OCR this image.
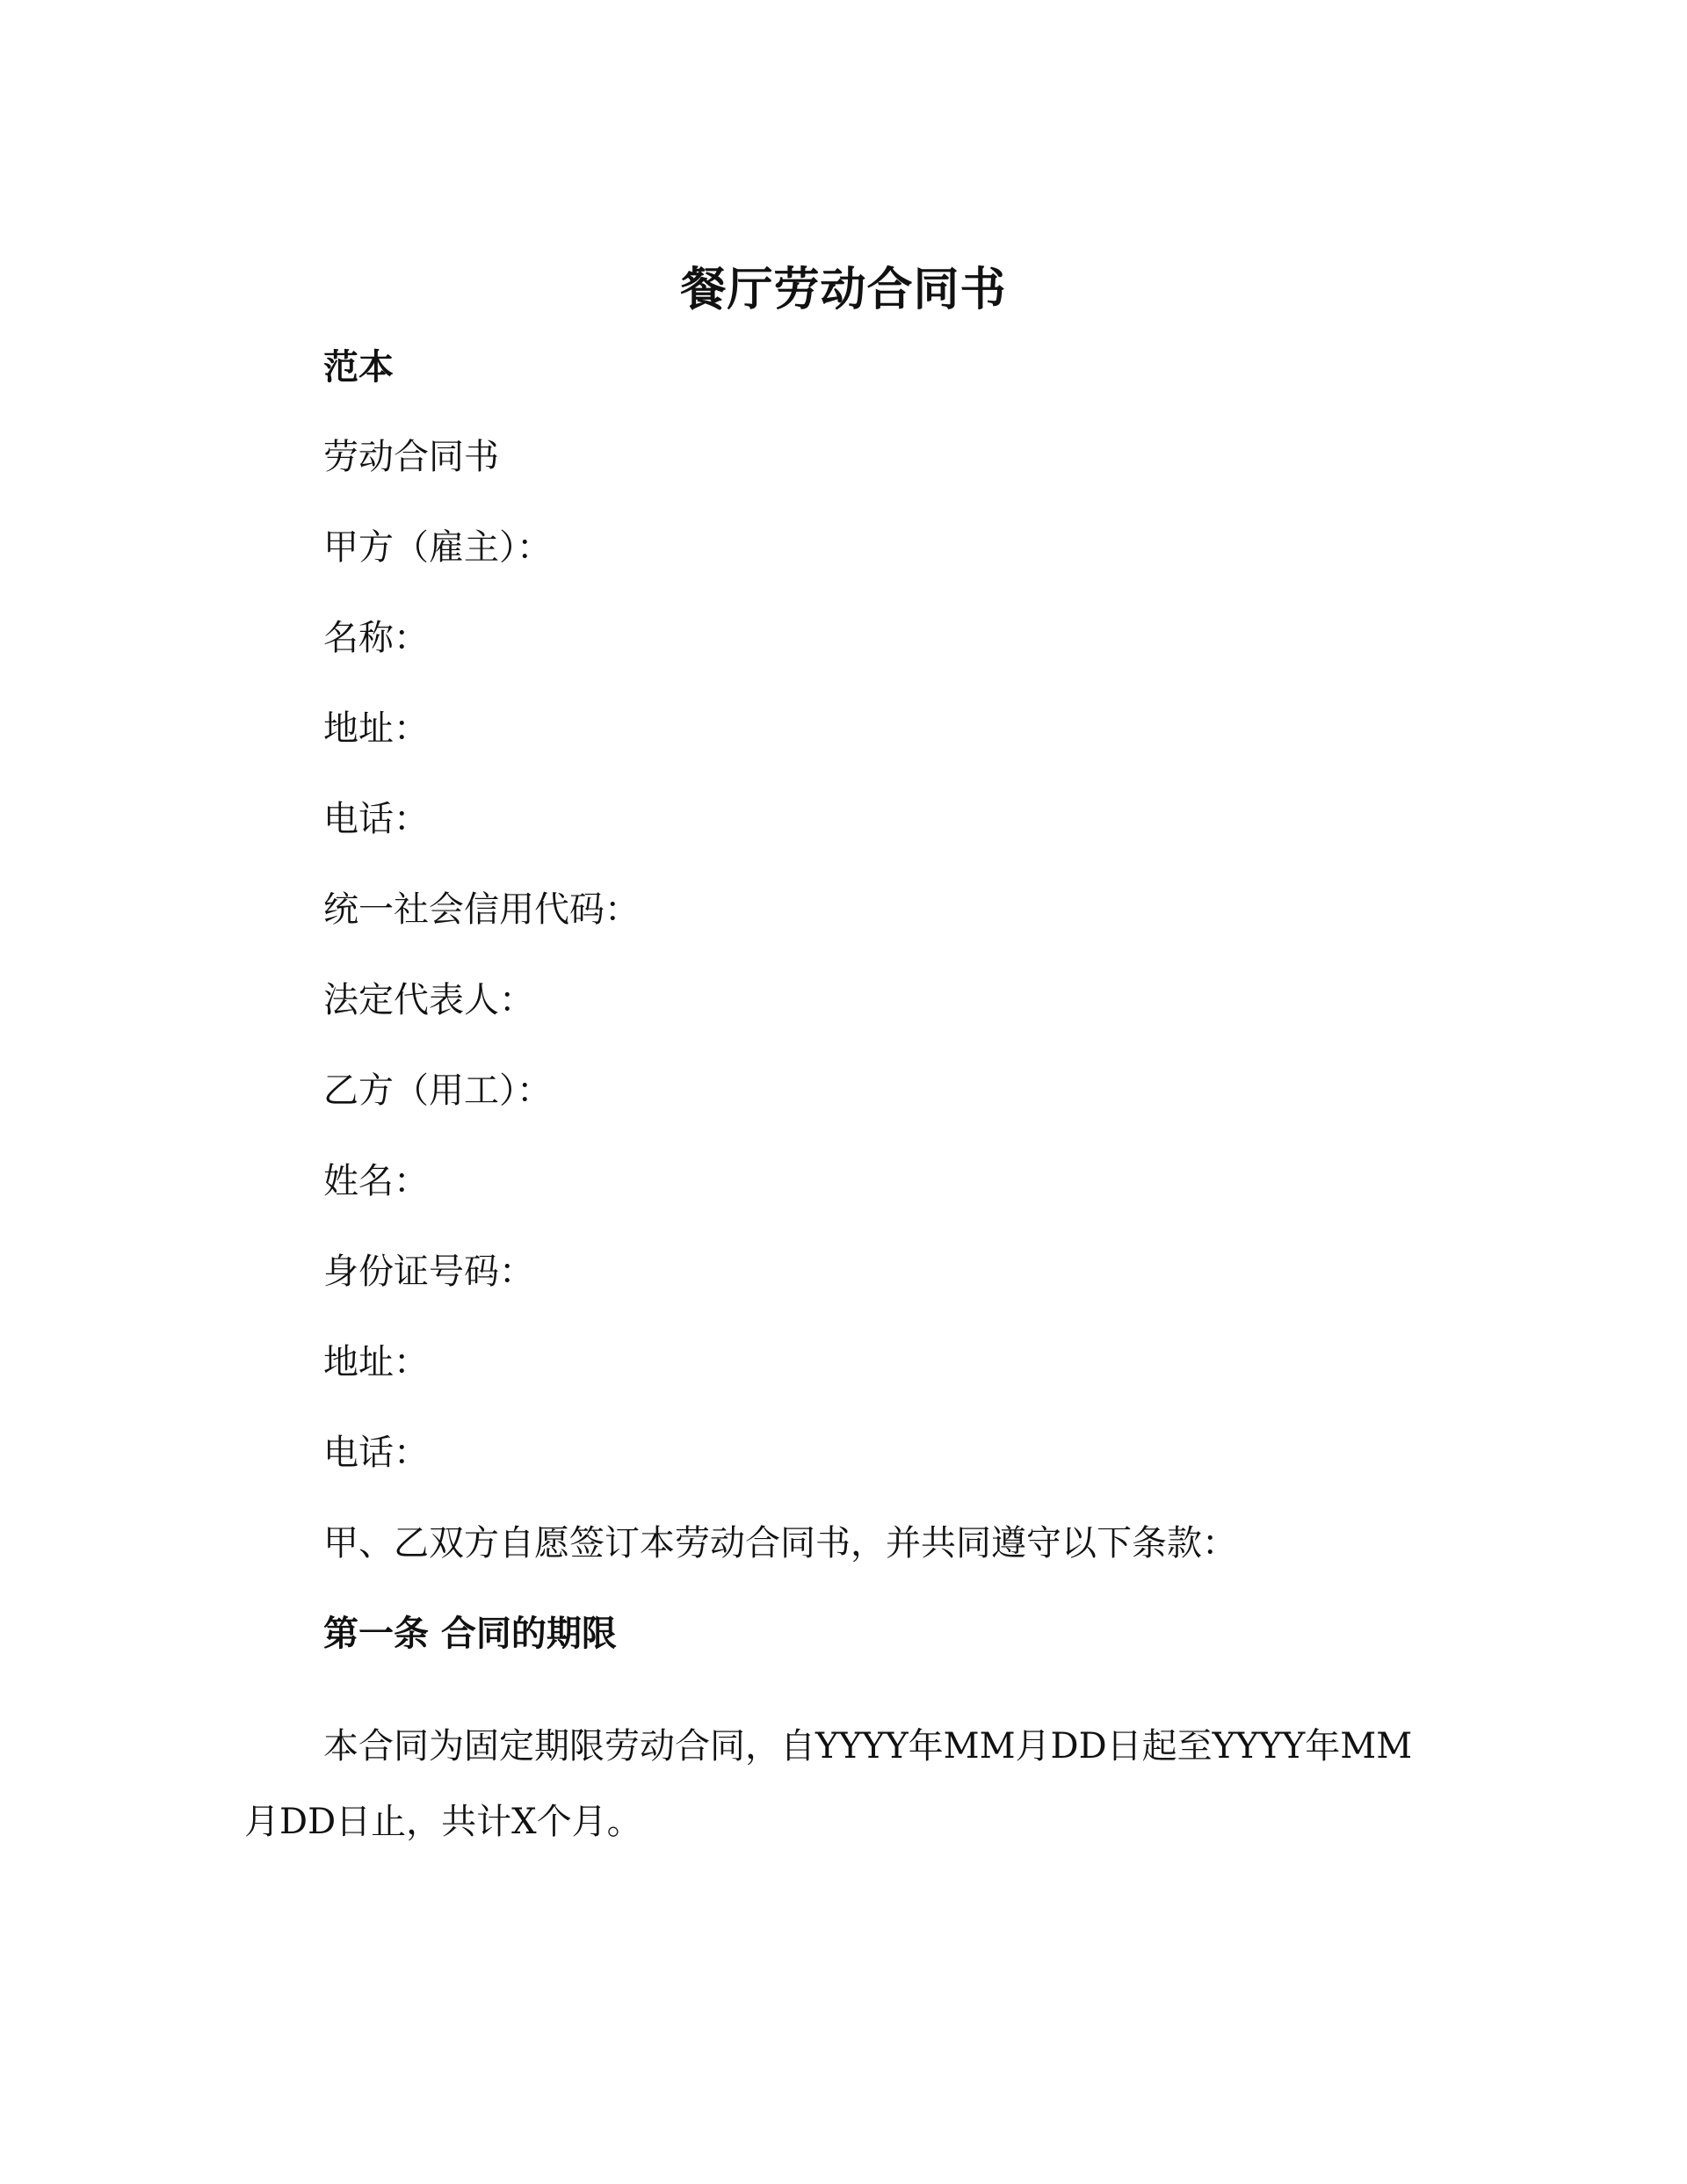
餐厅劳动合同书
范本
劳动合同书
甲方（雇主）：
名称：
地址：
电话：
统一社会信用代码：
法定代表人：
乙方（用工）：
姓名：
身份证号码：
地址：
电话：
甲、乙双方自愿签订本劳动合同书，并共同遵守以下条款：
第一条 合同的期限
本合同为固定期限劳动合同，自YYYY年MM月DD日起至YYYY年MM月DD日止，共计X个月。
